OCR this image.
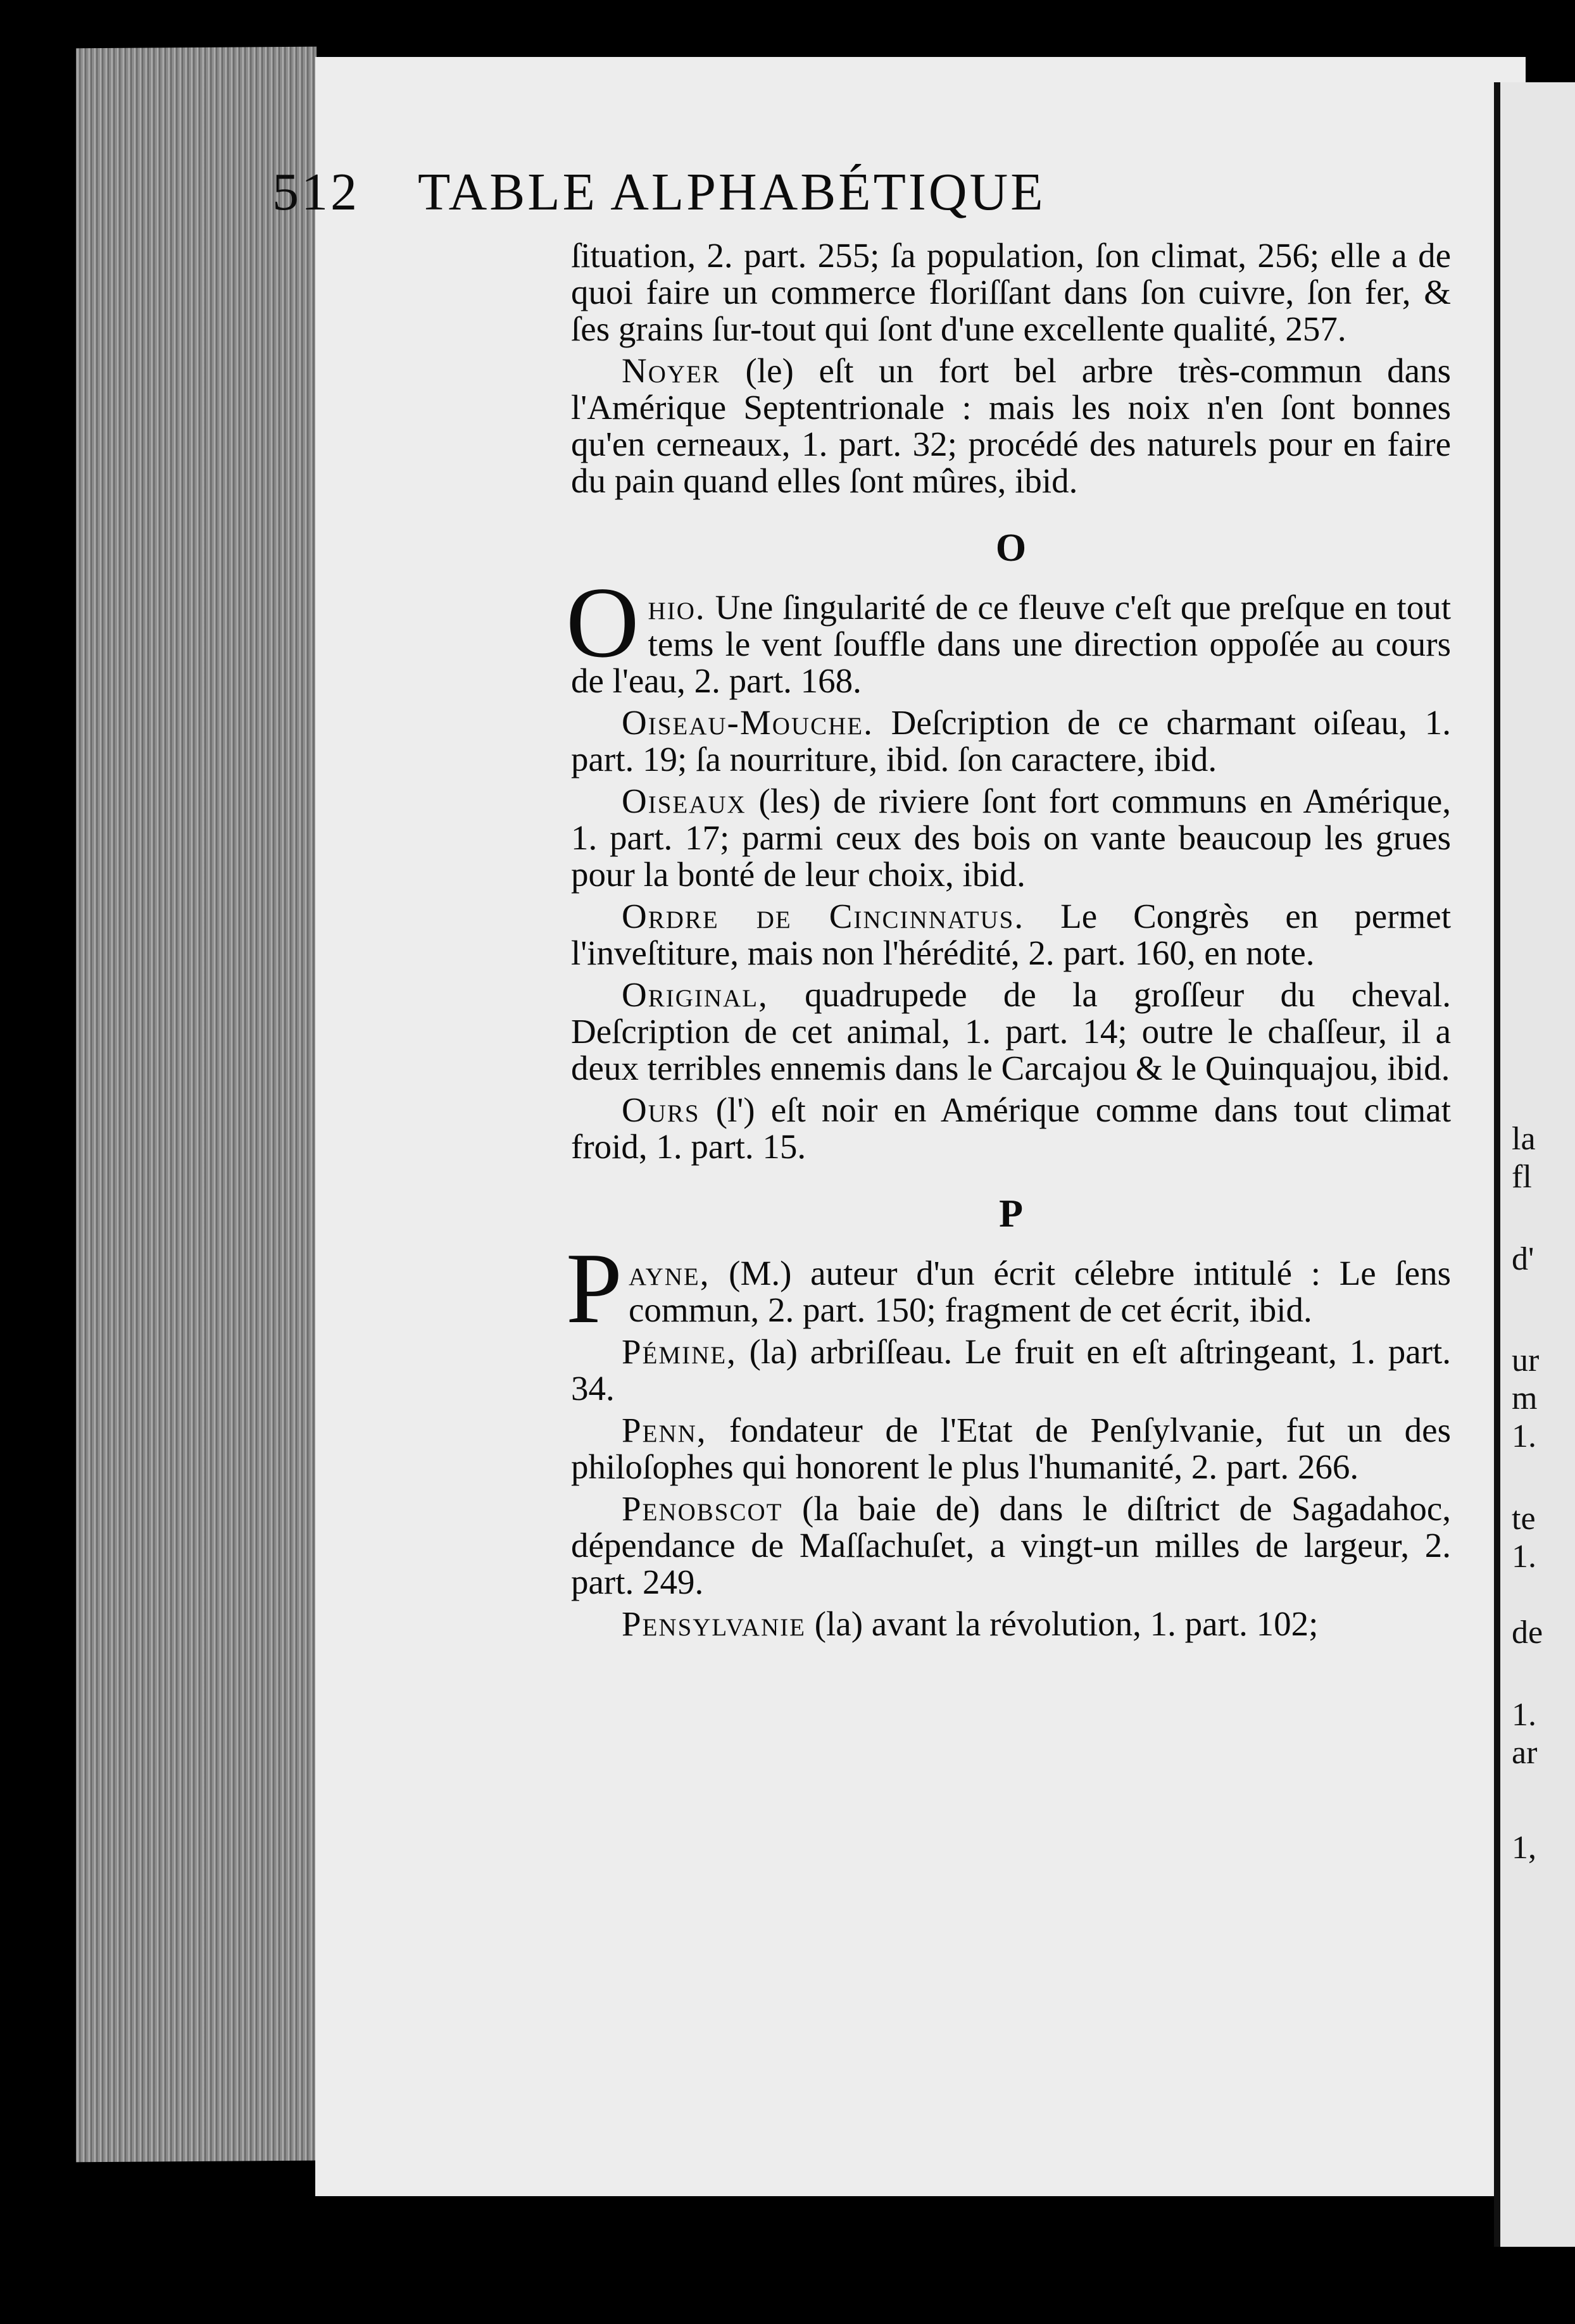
la
fl
d'
ur
m
1.
te
1.
de
1.
ar
1,
512 TABLE ALPHABÉTIQUE

ſituation, 2. part. 255; ſa population, ſon climat, 256; elle a de quoi faire un commerce floriſſant dans ſon cuivre, ſon fer, & ſes grains ſur-tout qui ſont d'une excellente qualité, 257.

Noyer (le) eſt un fort bel arbre très-commun dans l'Amérique Septentrionale : mais les noix n'en ſont bonnes qu'en cerneaux, 1. part. 32; procédé des naturels pour en faire du pain quand elles ſont mûres, ibid.

O

Ohio. Une ſingularité de ce fleuve c'eſt que preſque en tout tems le vent ſouffle dans une direction oppoſée au cours de l'eau, 2. part. 168.

Oiseau-Mouche. Deſcription de ce charmant oiſeau, 1. part. 19; ſa nourriture, ibid. ſon caractere, ibid.

Oiseaux (les) de riviere ſont fort communs en Amérique, 1. part. 17; parmi ceux des bois on vante beaucoup les grues pour la bonté de leur choix, ibid.

Ordre de Cincinnatus. Le Congrès en permet l'inveſtiture, mais non l'hérédité, 2. part. 160, en note.

Original, quadrupede de la groſſeur du cheval. Deſcription de cet animal, 1. part. 14; outre le chaſſeur, il a deux terribles ennemis dans le Carcajou & le Quinquajou, ibid.

Ours (l') eſt noir en Amérique comme dans tout climat froid, 1. part. 15.

P

Payne, (M.) auteur d'un écrit célebre intitulé : Le ſens commun, 2. part. 150; fragment de cet écrit, ibid.

Pémine, (la) arbriſſeau. Le fruit en eſt aſtringeant, 1. part. 34.

Penn, fondateur de l'Etat de Penſylvanie, fut un des philoſophes qui honorent le plus l'humanité, 2. part. 266.

Penobscot (la baie de) dans le diſtrict de Sagadahoc, dépendance de Maſſachuſet, a vingt-un milles de largeur, 2. part. 249.

Pensylvanie (la) avant la révolution, 1. part. 102;
